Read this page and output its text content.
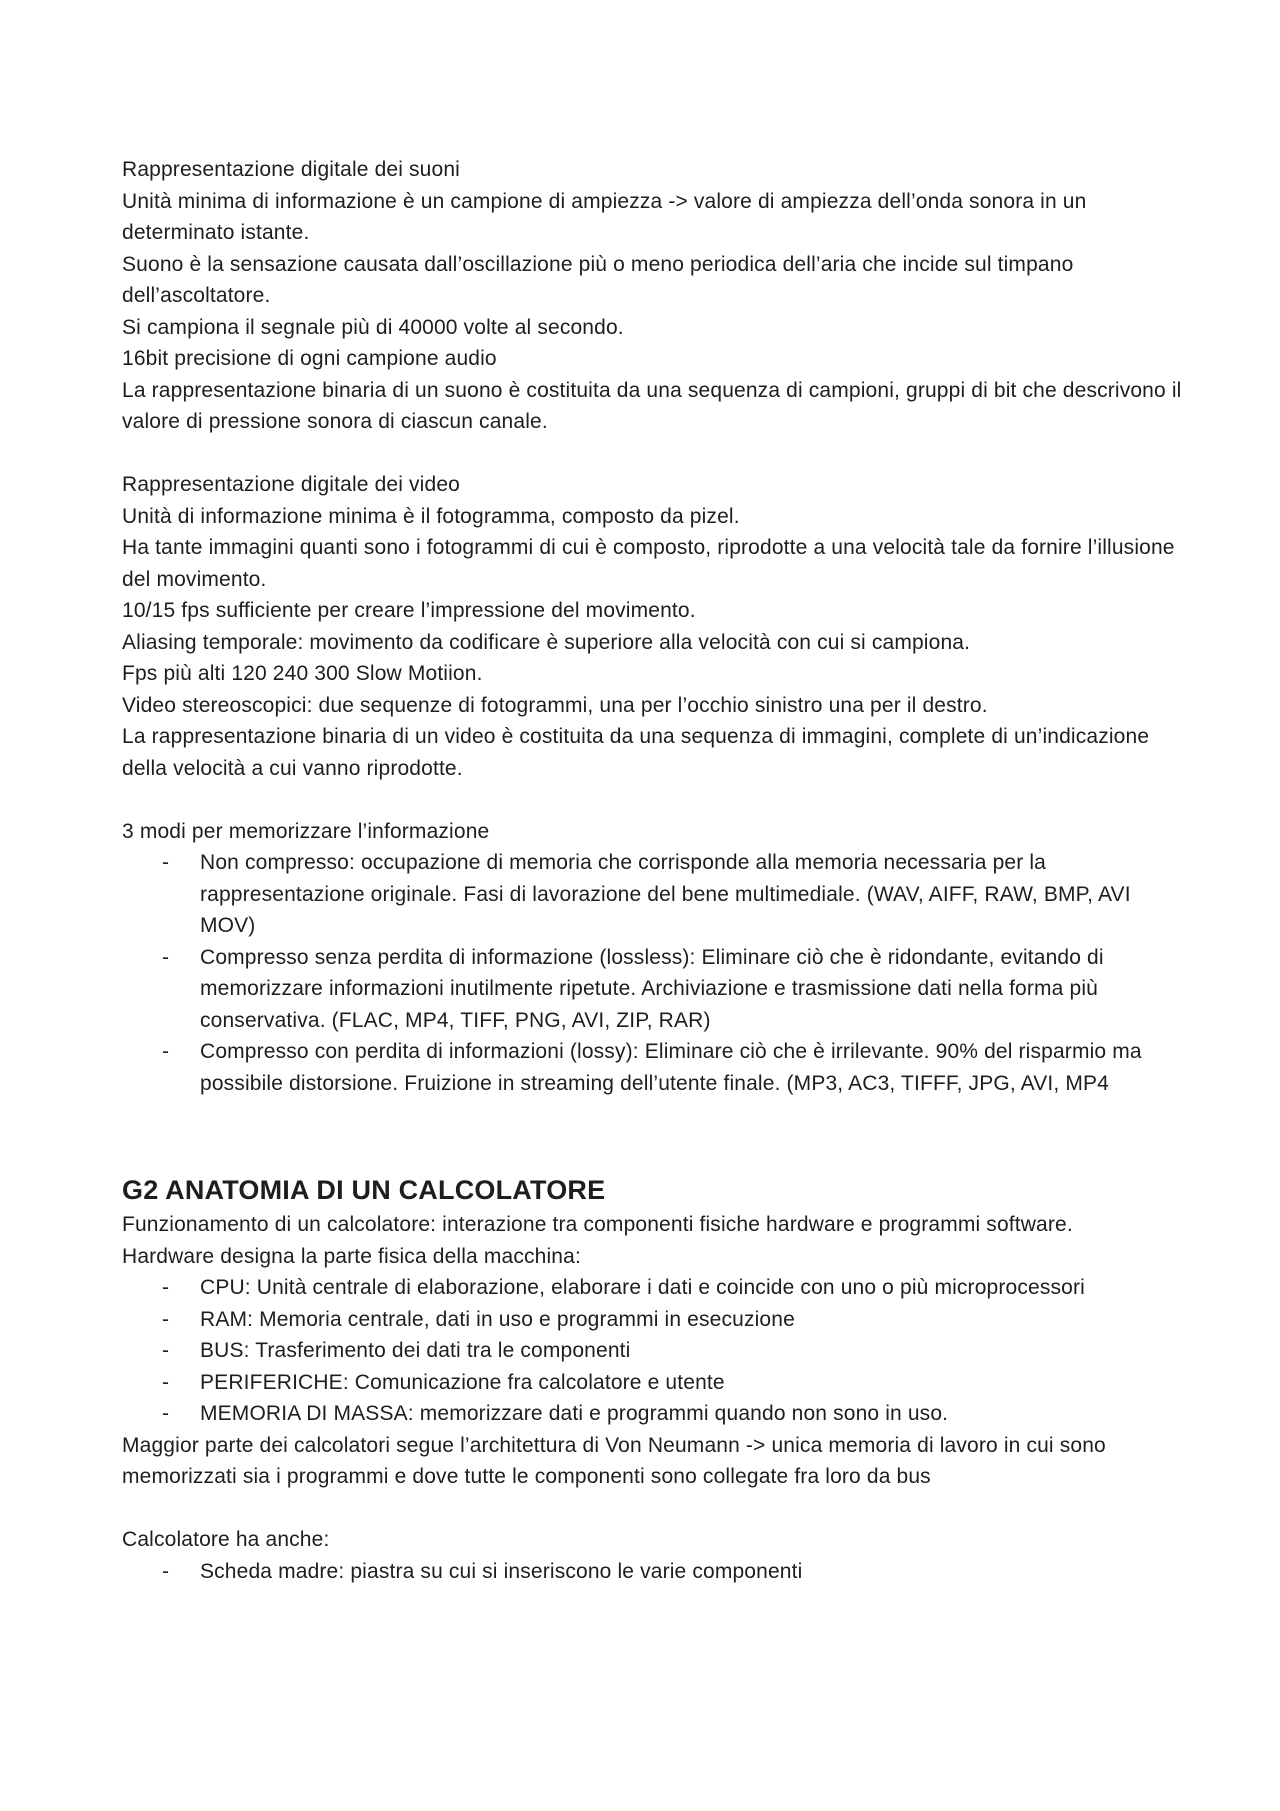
Rappresentazione digitale dei suoni

Unità minima di informazione è un campione di ampiezza -> valore di ampiezza dell’onda sonora in un determinato istante.

Suono è la sensazione causata dall’oscillazione più o meno periodica dell’aria che incide sul timpano dell’ascoltatore.

Si campiona il segnale più di 40000 volte al secondo.

16bit precisione di ogni campione audio

La rappresentazione binaria di un suono è costituita da una sequenza di campioni, gruppi di bit che descrivono il valore di pressione sonora di ciascun canale.

Rappresentazione digitale dei video

Unità di informazione minima è il fotogramma, composto da pizel.

Ha tante immagini quanti sono i fotogrammi di cui è composto, riprodotte a una velocità tale da fornire l’illusione del movimento.

10/15 fps sufficiente per creare l’impressione del movimento.

Aliasing temporale: movimento da codificare è superiore alla velocità con cui si campiona.

Fps più alti 120 240 300 Slow Motiion.

Video stereoscopici: due sequenze di fotogrammi, una per l’occhio sinistro una per il destro.

La rappresentazione binaria di un video è costituita da una sequenza di immagini, complete di un’indicazione della velocità a cui vanno riprodotte.

3 modi per memorizzare l’informazione

- Non compresso: occupazione di memoria che corrisponde alla memoria necessaria per la rappresentazione originale. Fasi di lavorazione del bene multimediale. (WAV, AIFF, RAW, BMP, AVI MOV)
- Compresso senza perdita di informazione (lossless): Eliminare ciò che è ridondante, evitando di memorizzare informazioni inutilmente ripetute. Archiviazione e trasmissione dati nella forma più conservativa. (FLAC, MP4, TIFF, PNG, AVI, ZIP, RAR)
- Compresso con perdita di informazioni (lossy): Eliminare ciò che è irrilevante. 90% del risparmio ma possibile distorsione. Fruizione in streaming dell’utente finale. (MP3, AC3, TIFFF, JPG, AVI, MP4
G2 ANATOMIA DI UN CALCOLATORE

Funzionamento di un calcolatore: interazione tra componenti fisiche hardware e programmi software.

Hardware designa la parte fisica della macchina:

- CPU: Unità centrale di elaborazione, elaborare i dati e coincide con uno o più microprocessori
- RAM: Memoria centrale, dati in uso e programmi in esecuzione
- BUS: Trasferimento dei dati tra le componenti
- PERIFERICHE: Comunicazione fra calcolatore e utente
- MEMORIA DI MASSA: memorizzare dati e programmi quando non sono in uso.

Maggior parte dei calcolatori segue l’architettura di Von Neumann -> unica memoria di lavoro in cui sono memorizzati sia i programmi e dove tutte le componenti sono collegate fra loro da bus

Calcolatore ha anche:

- Scheda madre: piastra su cui si inseriscono le varie componenti
